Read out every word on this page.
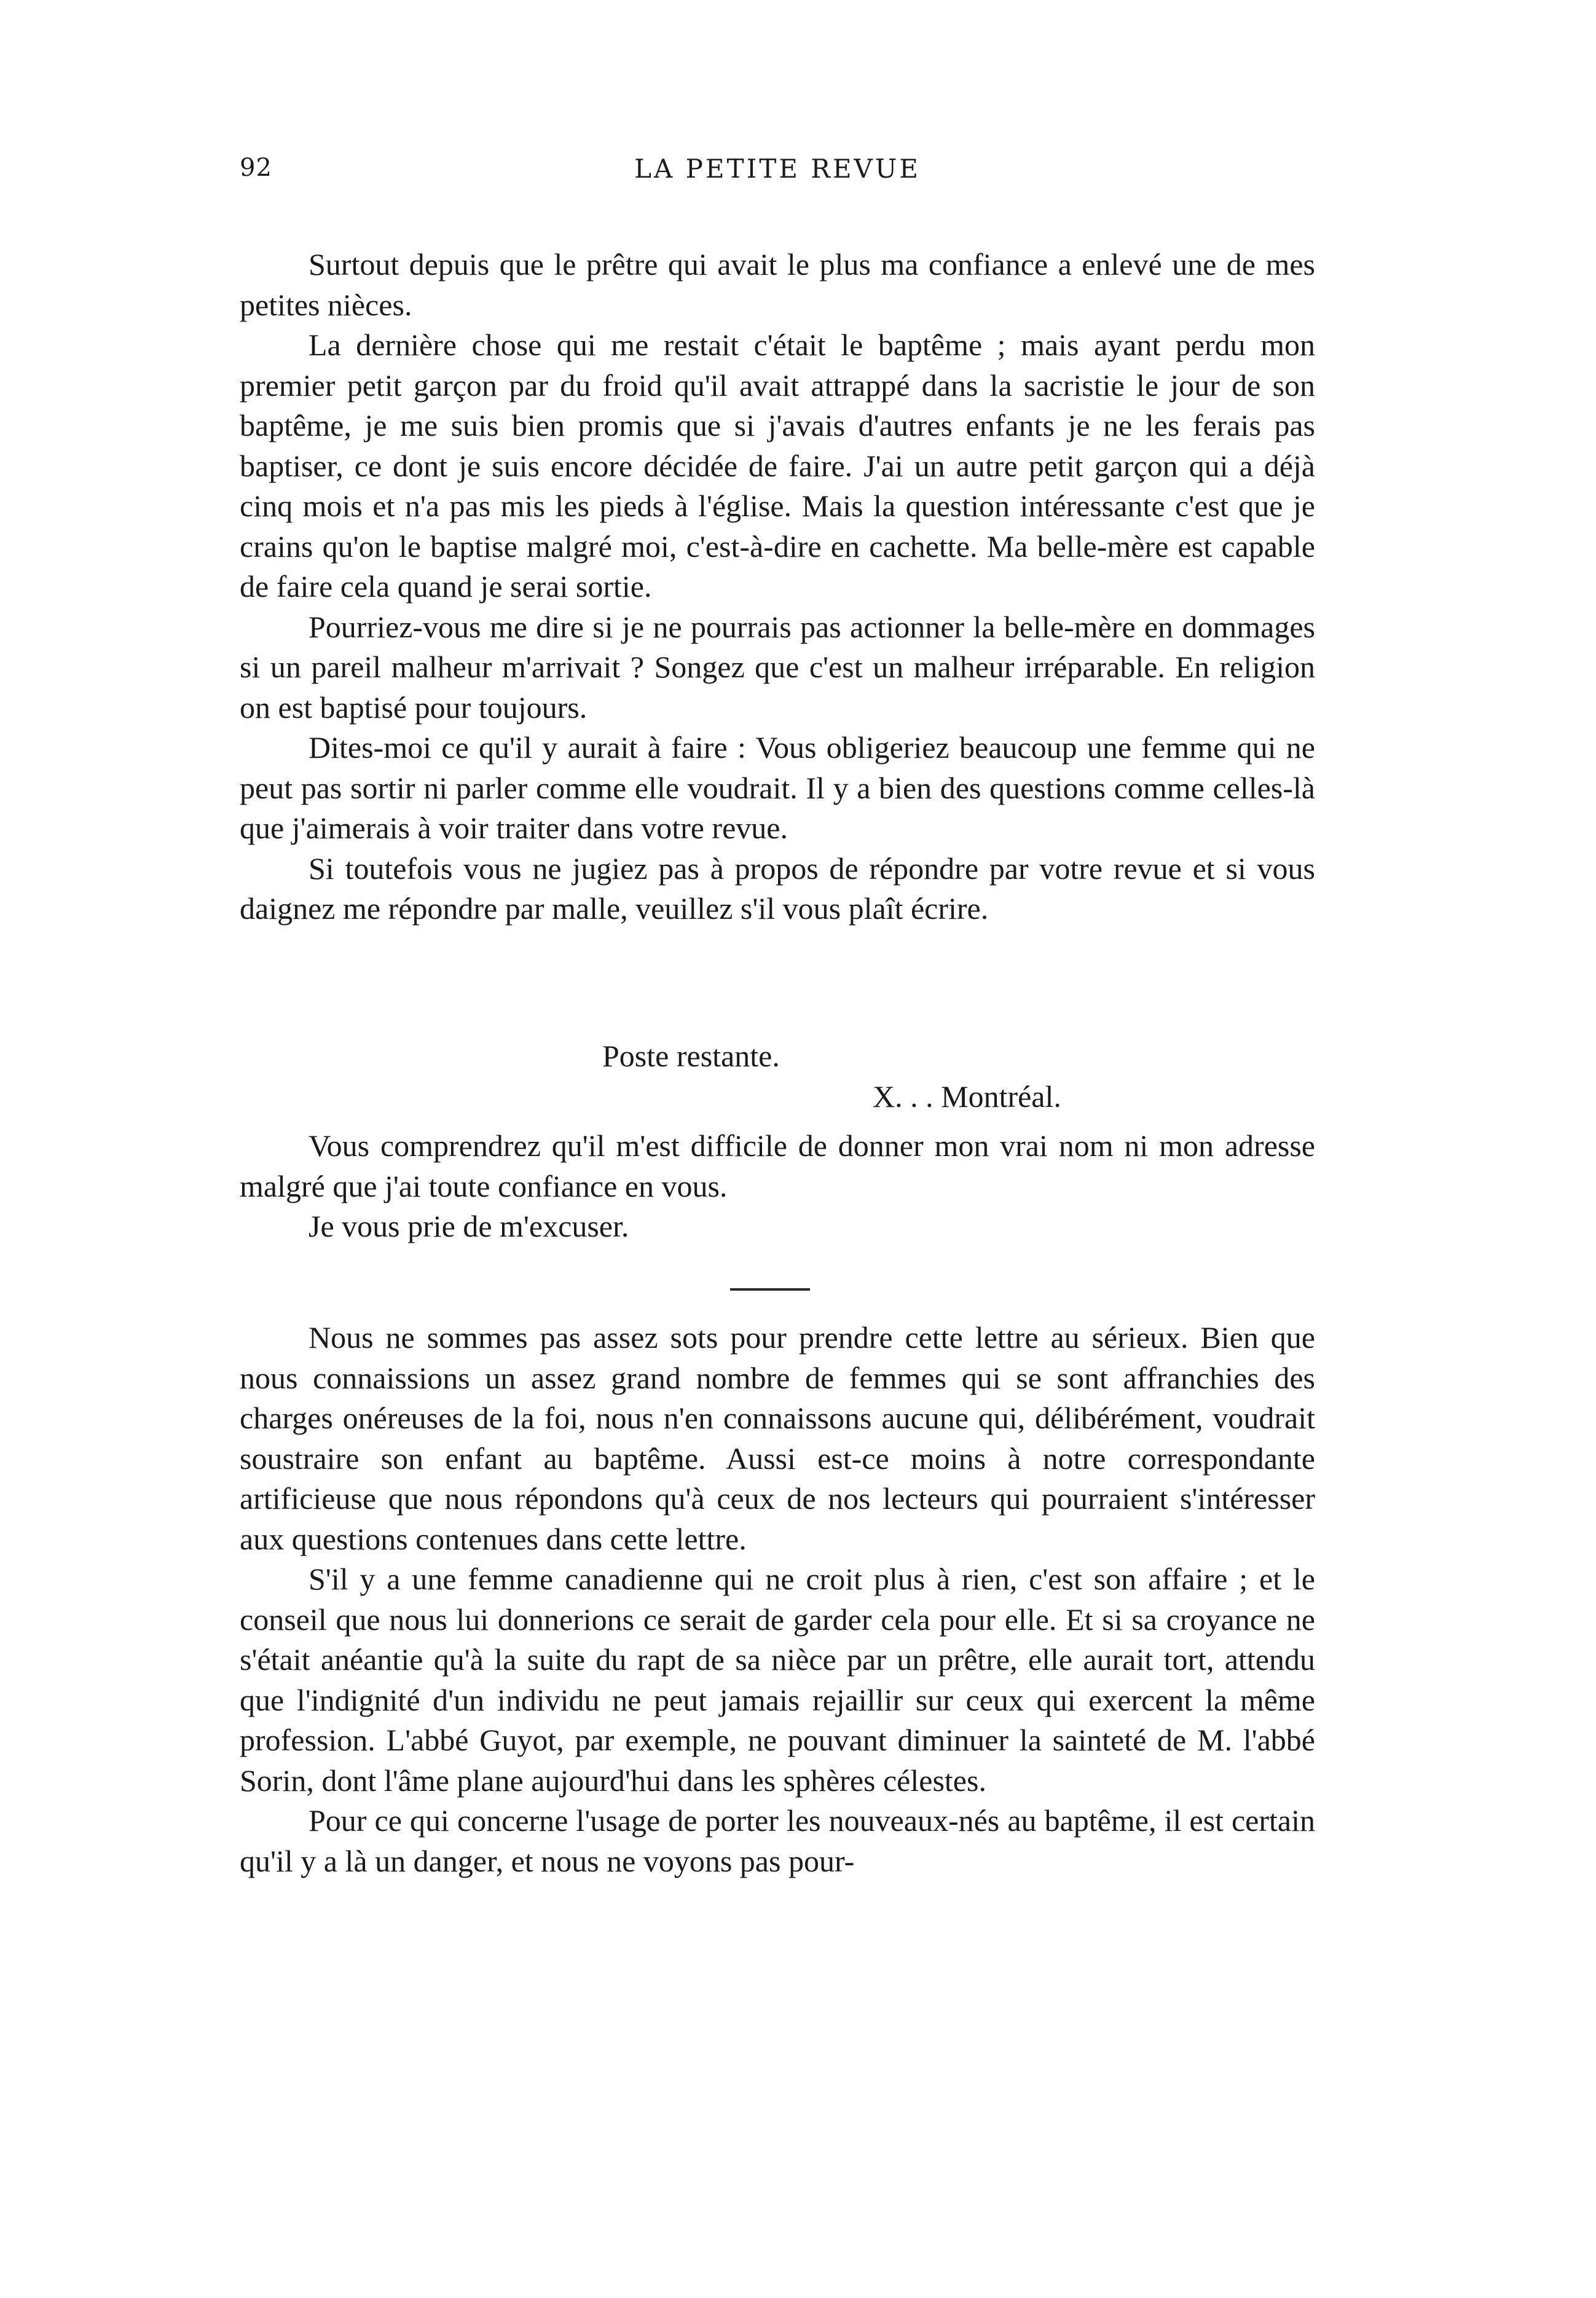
92	LA PETITE REVUE

Surtout depuis que le prêtre qui avait le plus ma confiance a enlevé une de mes petites nièces.

La dernière chose qui me restait c'était le baptême ; mais ayant perdu mon premier petit garçon par du froid qu'il avait attrappé dans la sacristie le jour de son baptême, je me suis bien promis que si j'avais d'autres enfants je ne les ferais pas baptiser, ce dont je suis encore décidée de faire. J'ai un autre petit garçon qui a déjà cinq mois et n'a pas mis les pieds à l'église. Mais la question intéressante c'est que je crains qu'on le baptise malgré moi, c'est-à-dire en cachette. Ma belle-mère est capable de faire cela quand je serai sortie.

Pourriez-vous me dire si je ne pourrais pas actionner la belle-mère en dommages si un pareil malheur m'arrivait ? Songez que c'est un malheur irréparable. En religion on est baptisé pour toujours.

Dites-moi ce qu'il y aurait à faire : Vous obligeriez beaucoup une femme qui ne peut pas sortir ni parler comme elle voudrait. Il y a bien des questions comme celles-là que j'aimerais à voir traiter dans votre revue.

Si toutefois vous ne jugiez pas à propos de répondre par votre revue et si vous daignez me répondre par malle, veuillez s'il vous plaît écrire.

Poste restante.
X. . . Montréal.

Vous comprendrez qu'il m'est difficile de donner mon vrai nom ni mon adresse malgré que j'ai toute confiance en vous.

Je vous prie de m'excuser.

Nous ne sommes pas assez sots pour prendre cette lettre au sérieux. Bien que nous connaissions un assez grand nombre de femmes qui se sont affranchies des charges onéreuses de la foi, nous n'en connaissons aucune qui, délibérément, voudrait soustraire son enfant au baptême. Aussi est-ce moins à notre correspondante artificieuse que nous répondons qu'à ceux de nos lecteurs qui pourraient s'intéresser aux questions contenues dans cette lettre.

S'il y a une femme canadienne qui ne croit plus à rien, c'est son affaire ; et le conseil que nous lui donnerions ce serait de garder cela pour elle. Et si sa croyance ne s'était anéantie qu'à la suite du rapt de sa nièce par un prêtre, elle aurait tort, attendu que l'indignité d'un individu ne peut jamais rejaillir sur ceux qui exercent la même profession. L'abbé Guyot, par exemple, ne pouvant diminuer la sainteté de M. l'abbé Sorin, dont l'âme plane aujourd'hui dans les sphères célestes.

Pour ce qui concerne l'usage de porter les nouveaux-nés au baptême, il est certain qu'il y a là un danger, et nous ne voyons pas pour-
